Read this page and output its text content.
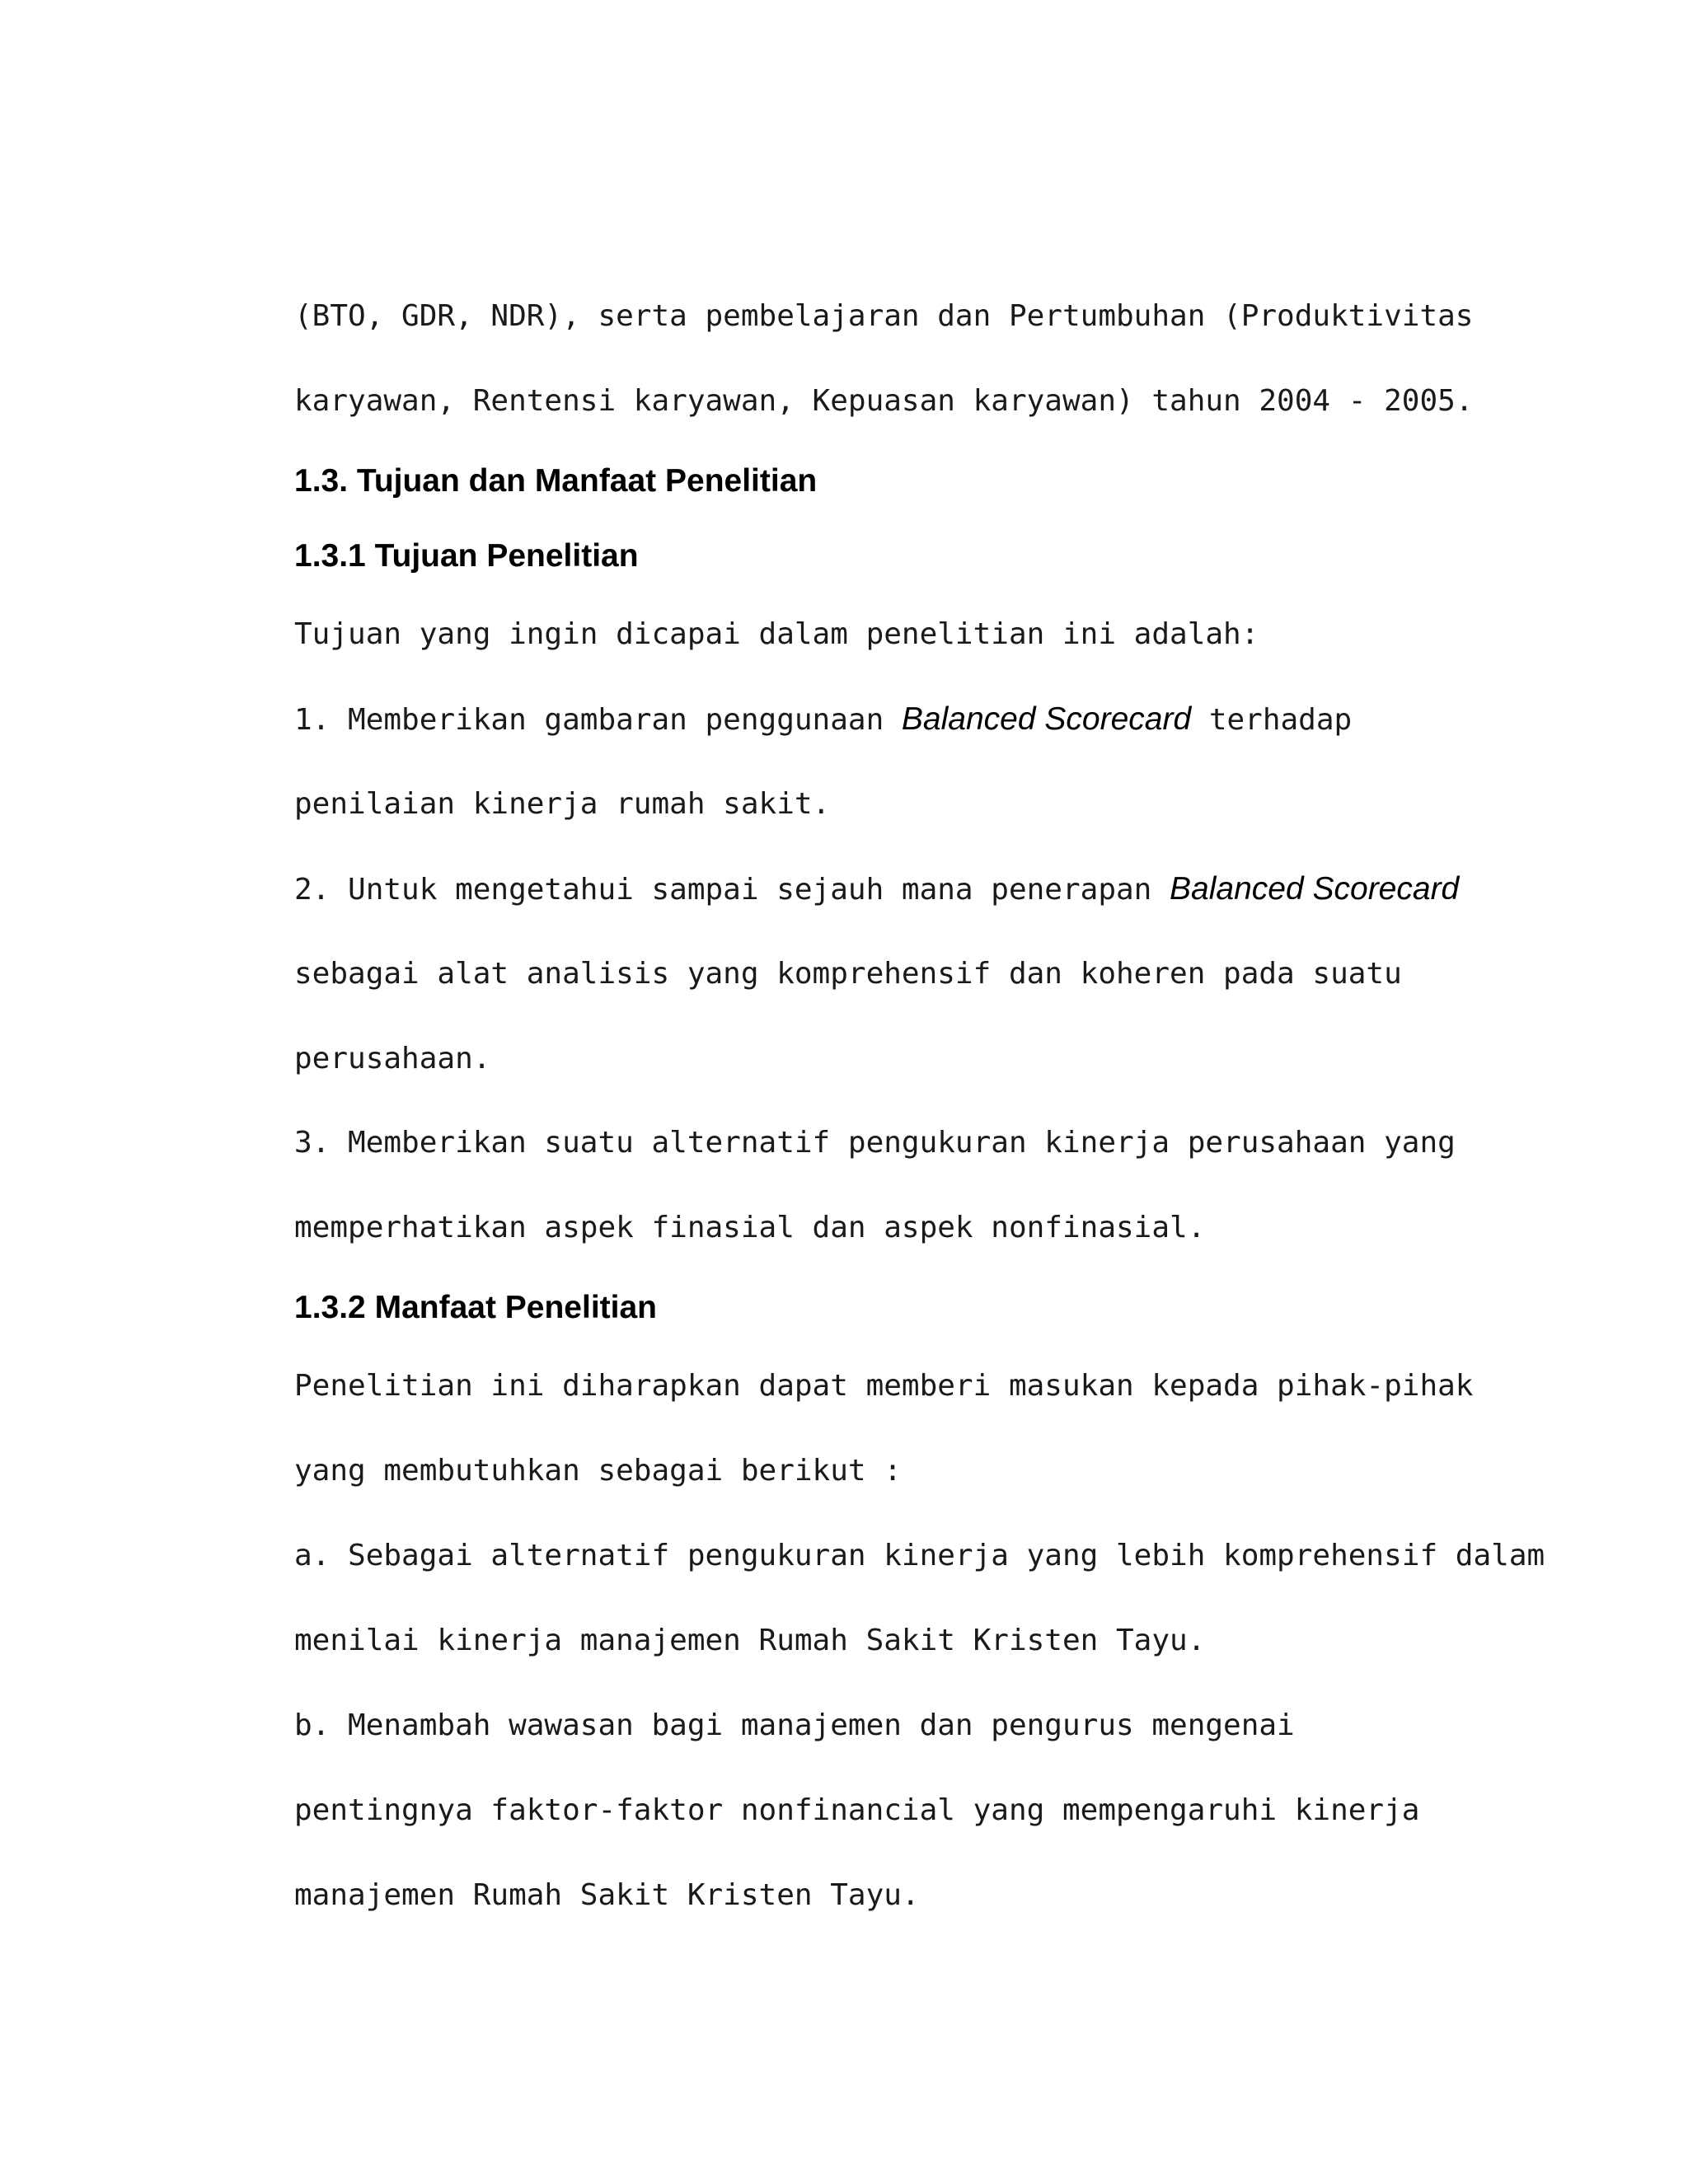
(BTO, GDR, NDR), serta pembelajaran dan Pertumbuhan (Produktivitas
karyawan, Rentensi karyawan, Kepuasan karyawan) tahun 2004 - 2005.
1.3. Tujuan dan Manfaat Penelitian
1.3.1 Tujuan Penelitian
Tujuan yang ingin dicapai dalam penelitian ini adalah:
1. Memberikan gambaran penggunaan Balanced Scorecard terhadap
penilaian kinerja rumah sakit.
2. Untuk mengetahui sampai sejauh mana penerapan Balanced Scorecard
sebagai alat analisis yang komprehensif dan koheren pada suatu
perusahaan.
3. Memberikan suatu alternatif pengukuran kinerja perusahaan yang
memperhatikan aspek finasial dan aspek nonfinasial.
1.3.2 Manfaat Penelitian
Penelitian ini diharapkan dapat memberi masukan kepada pihak-pihak
yang membutuhkan sebagai berikut :
a. Sebagai alternatif pengukuran kinerja yang lebih komprehensif dalam
menilai kinerja manajemen Rumah Sakit Kristen Tayu.
b. Menambah wawasan bagi manajemen dan pengurus mengenai
pentingnya faktor-faktor nonfinancial yang mempengaruhi kinerja
manajemen Rumah Sakit Kristen Tayu.
